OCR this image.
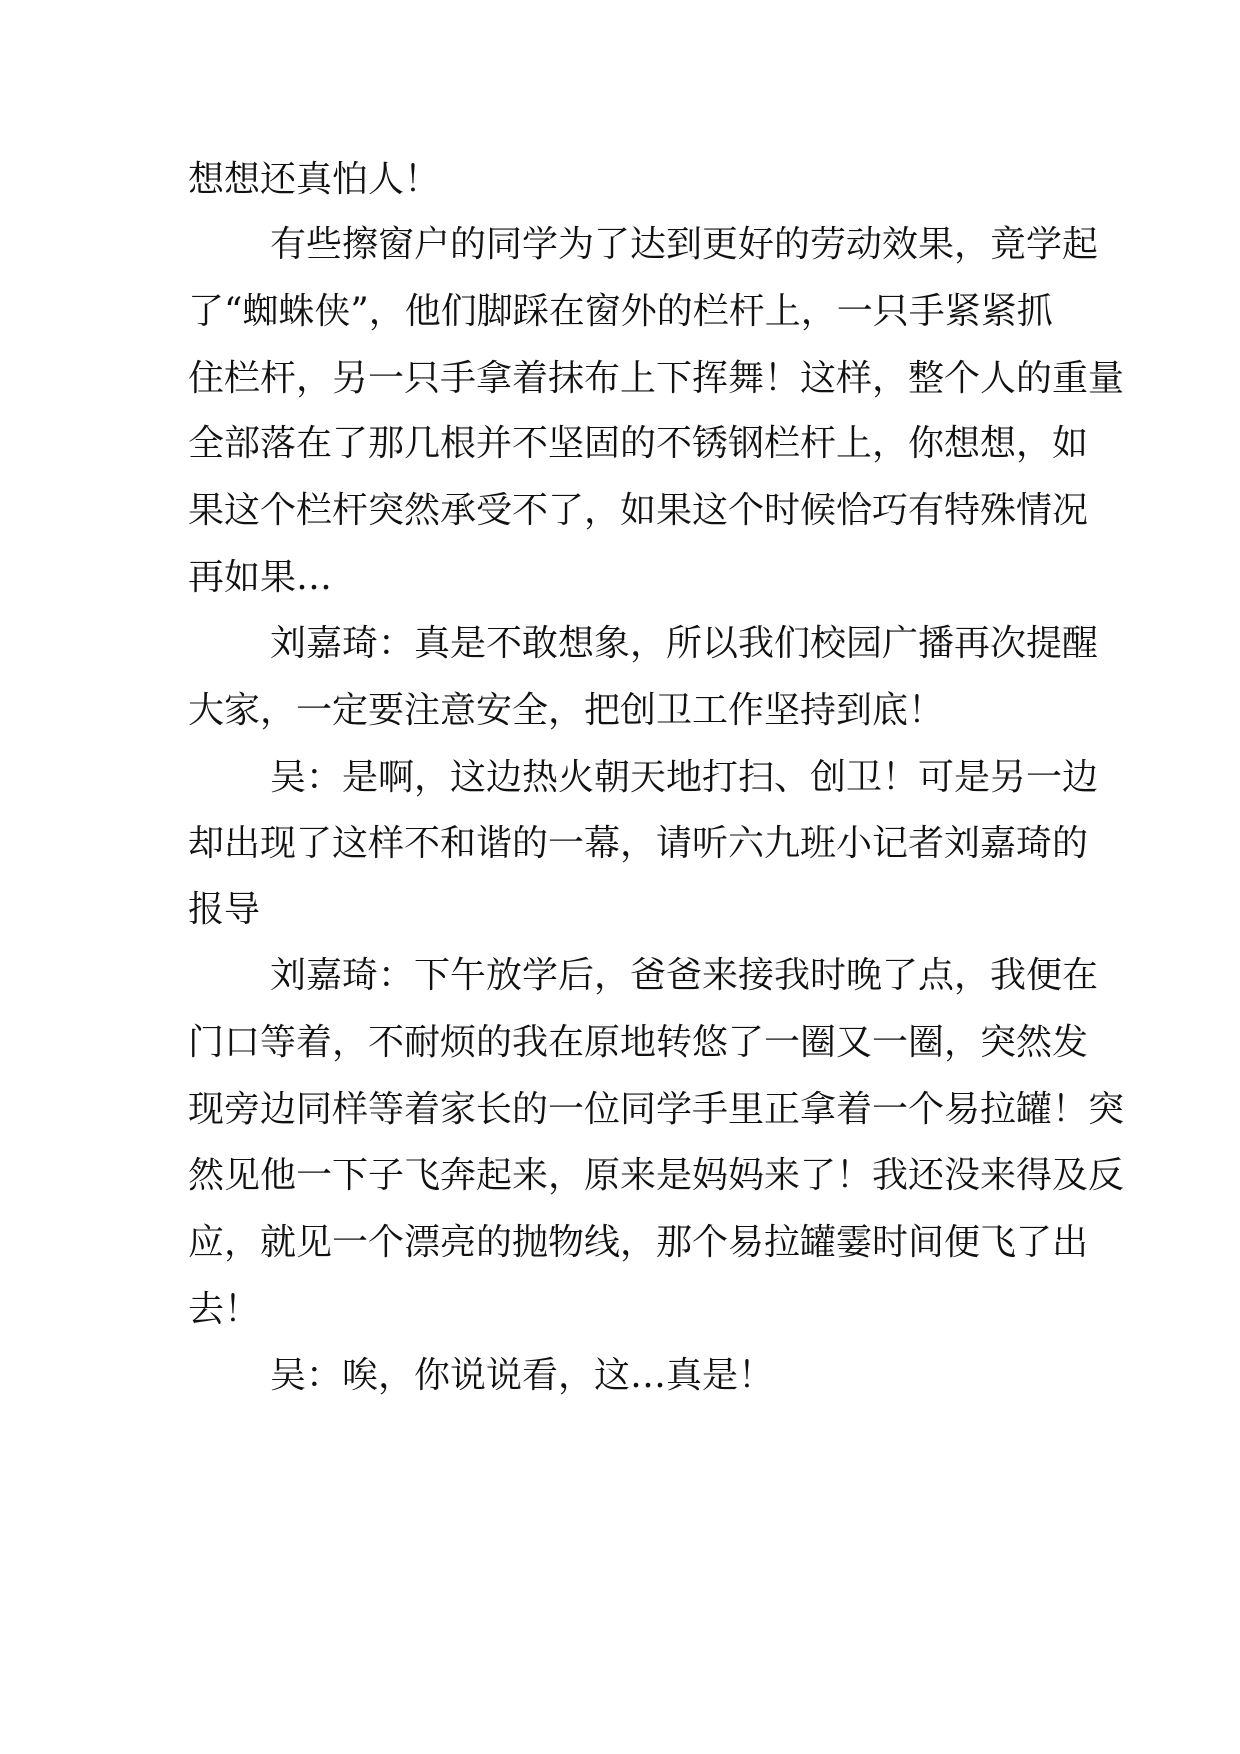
想想还真怕人！
有些擦窗户的同学为了达到更好的劳动效果，竟学起
了“蜘蛛侠”，他们脚踩在窗外的栏杆上，一只手紧紧抓
住栏杆，另一只手拿着抹布上下挥舞！这样，整个人的重量
全部落在了那几根并不坚固的不锈钢栏杆上，你想想，如
果这个栏杆突然承受不了，如果这个时候恰巧有特殊情况
再如果…
刘嘉琦：真是不敢想象，所以我们校园广播再次提醒
大家，一定要注意安全，把创卫工作坚持到底！
吴：是啊，这边热火朝天地打扫、创卫！可是另一边
却出现了这样不和谐的一幕，请听六九班小记者刘嘉琦的
报导
刘嘉琦：下午放学后，爸爸来接我时晚了点，我便在
门口等着，不耐烦的我在原地转悠了一圈又一圈，突然发
现旁边同样等着家长的一位同学手里正拿着一个易拉罐！突
然见他一下子飞奔起来，原来是妈妈来了！我还没来得及反
应，就见一个漂亮的抛物线，那个易拉罐霎时间便飞了出
去！
吴：唉，你说说看，这…真是！
